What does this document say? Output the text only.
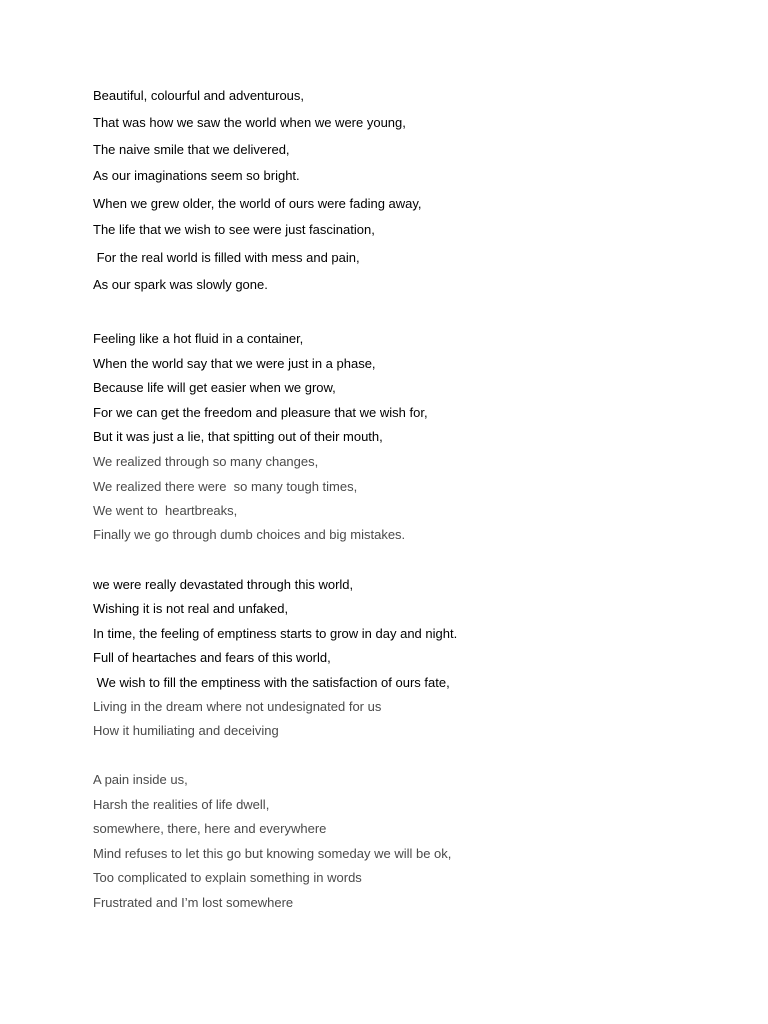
Beautiful, colourful and adventurous,
That was how we saw the world when we were young,
The naive smile that we delivered,
As our imaginations seem so bright.
When we grew older, the world of ours were fading away,
The life that we wish to see were just fascination,
For the real world is filled with mess and pain,
As our spark was slowly gone.
Feeling like a hot fluid in a container,
When the world say that we were just in a phase,
Because life will get easier when we grow,
For we can get the freedom and pleasure that we wish for,
But it was just a lie, that spitting out of their mouth,
We realized through so many changes,
We realized there were  so many tough times,
We went to  heartbreaks,
Finally we go through dumb choices and big mistakes.
we were really devastated through this world,
Wishing it is not real and unfaked,
In time, the feeling of emptiness starts to grow in day and night.
Full of heartaches and fears of this world,
We wish to fill the emptiness with the satisfaction of ours fate,
Living in the dream where not undesignated for us
How it humiliating and deceiving
A pain inside us,
Harsh the realities of life dwell,
somewhere, there, here and everywhere
Mind refuses to let this go but knowing someday we will be ok,
Too complicated to explain something in words
Frustrated and I’m lost somewhere
